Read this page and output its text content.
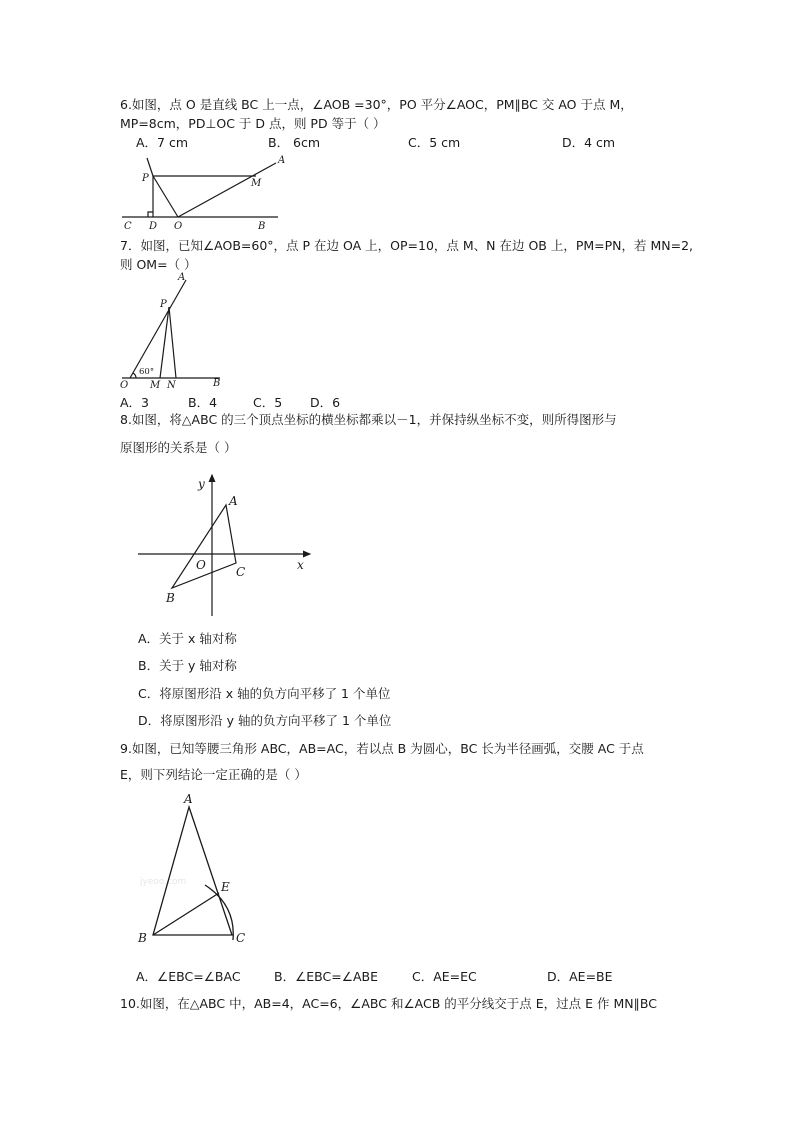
6.如图，点 O 是直线 BC 上一点，∠AOB =30°，PO 平分∠AOC，PM∥BC 交 AO 于点 M，
MP=8cm，PD⊥OC 于 D 点，则 PD 等于（ ）
A．7 cm	B． 6cm	C．5 cm	D．4 cm
P	M
A
C D O	B
7．如图，已知∠AOB=60°，点 P 在边 OA 上，OP=10，点 M、N 在边 OB 上，PM=PN，若 MN=2,
则 OM=（ ）
A
P
60°
O M N	B
A．3	B．4	C．5 D．6
8.如图，将△ABC 的三个顶点坐标的横坐标都乘以－1，并保持纵坐标不变，则所得图形与
原图形的关系是（ ）
y
A
O	C	x
B
A．关于 x 轴对称
B．关于 y 轴对称
C．将原图形沿 x 轴的负方向平移了 1 个单位
D．将原图形沿 y 轴的负方向平移了 1 个单位
9.如图，已知等腰三角形 ABC，AB=AC，若以点 B 为圆心，BC 长为半径画弧，交腰 AC 于点
E，则下列结论一定正确的是（ ）
jyeoo.com
A
E
B	C
A．∠EBC=∠BAC	B．∠EBC=∠ABE	C．AE=EC	D．AE=BE
10.如图，在△ABC 中，AB=4，AC=6，∠ABC 和∠ACB 的平分线交于点 E，过点 E 作 MN∥BC
